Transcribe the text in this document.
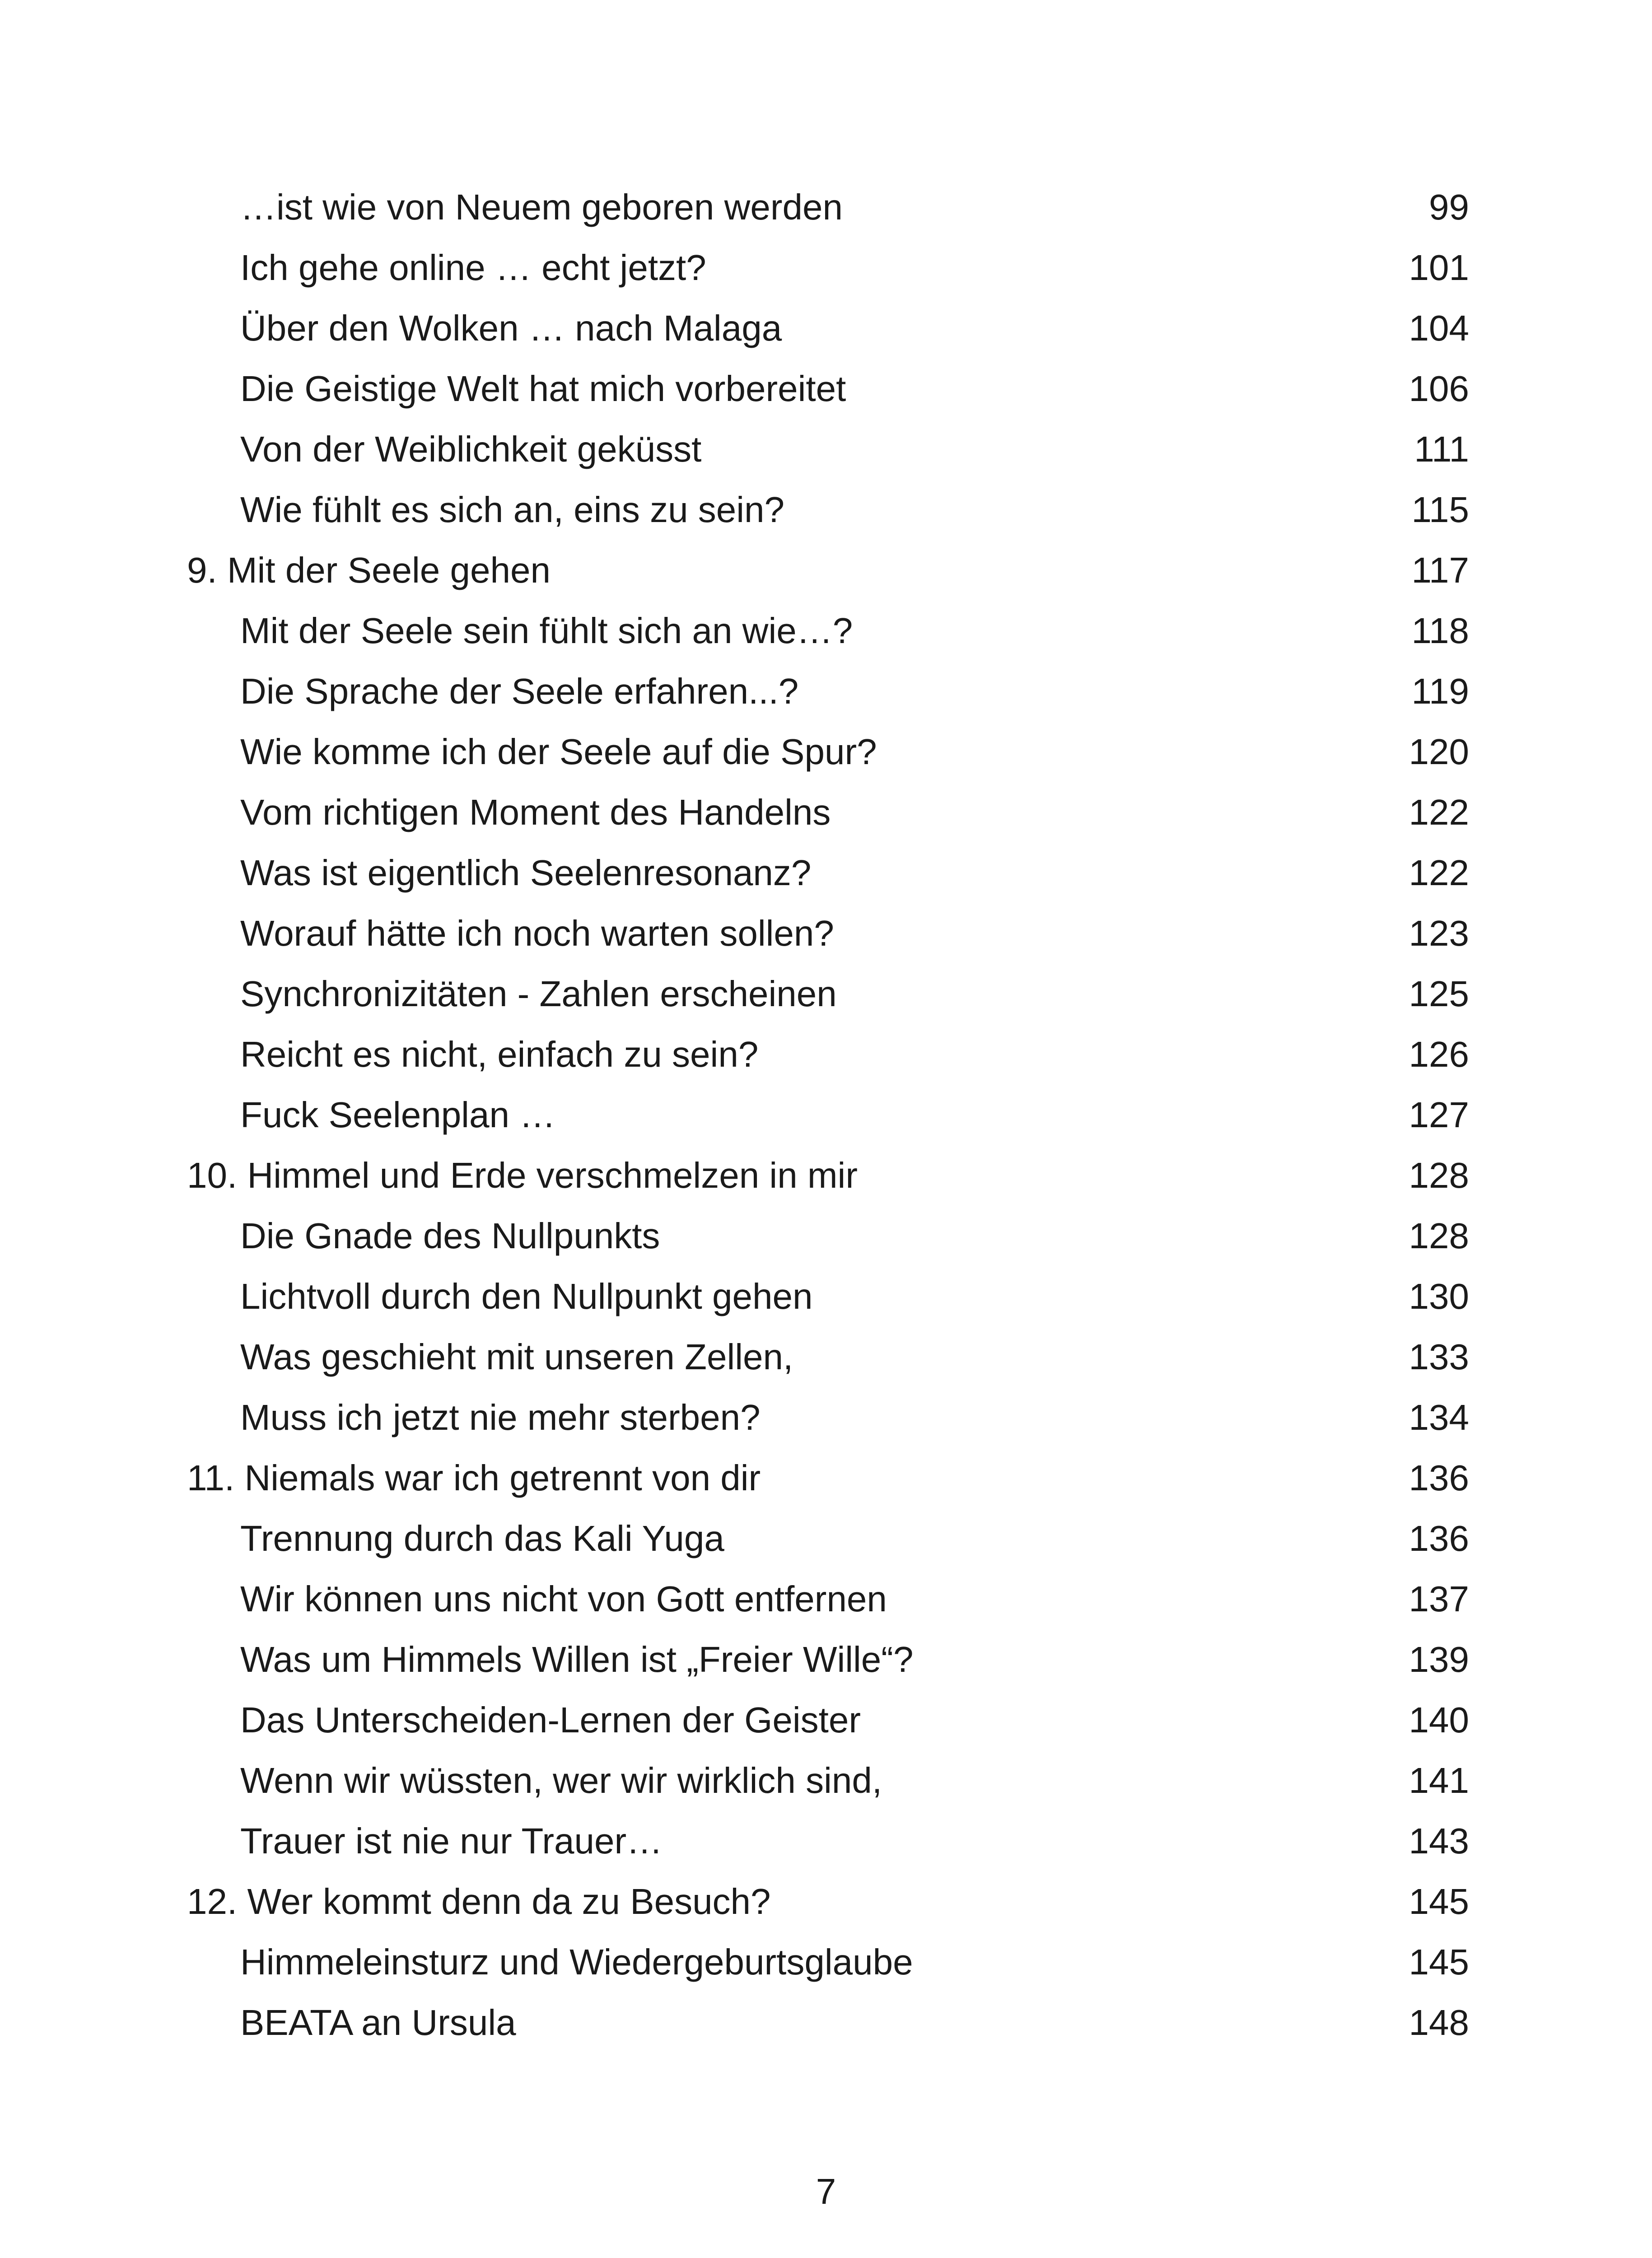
…ist wie von Neuem geboren werden	99
Ich gehe online … echt jetzt?	101
Über den Wolken … nach Malaga	104
Die Geistige Welt hat mich vorbereitet	106
Von der Weiblichkeit geküsst	111
Wie fühlt es sich an, eins zu sein?	115
9. Mit der Seele gehen	117
Mit der Seele sein fühlt sich an wie…?	118
Die Sprache der Seele erfahren...?	119
Wie komme ich der Seele auf die Spur?	120
Vom richtigen Moment des Handelns	122
Was ist eigentlich Seelenresonanz?	122
Worauf hätte ich noch warten sollen?	123
Synchronizitäten - Zahlen erscheinen	125
Reicht es nicht, einfach zu sein?	126
Fuck Seelenplan …	127
10. Himmel und Erde verschmelzen in mir	128
Die Gnade des Nullpunkts	128
Lichtvoll durch den Nullpunkt gehen	130
Was geschieht mit unseren Zellen,	133
Muss ich jetzt nie mehr sterben?	134
11. Niemals war ich getrennt von dir	136
Trennung durch das Kali Yuga	136
Wir können uns nicht von Gott entfernen	137
Was um Himmels Willen ist „Freier Wille“?	139
Das Unterscheiden-Lernen der Geister	140
Wenn wir wüssten, wer wir wirklich sind,	141
Trauer ist nie nur Trauer…	143
12. Wer kommt denn da zu Besuch?	145
Himmeleinsturz und Wiedergeburtsglaube	145
BEATA an Ursula	148
7
